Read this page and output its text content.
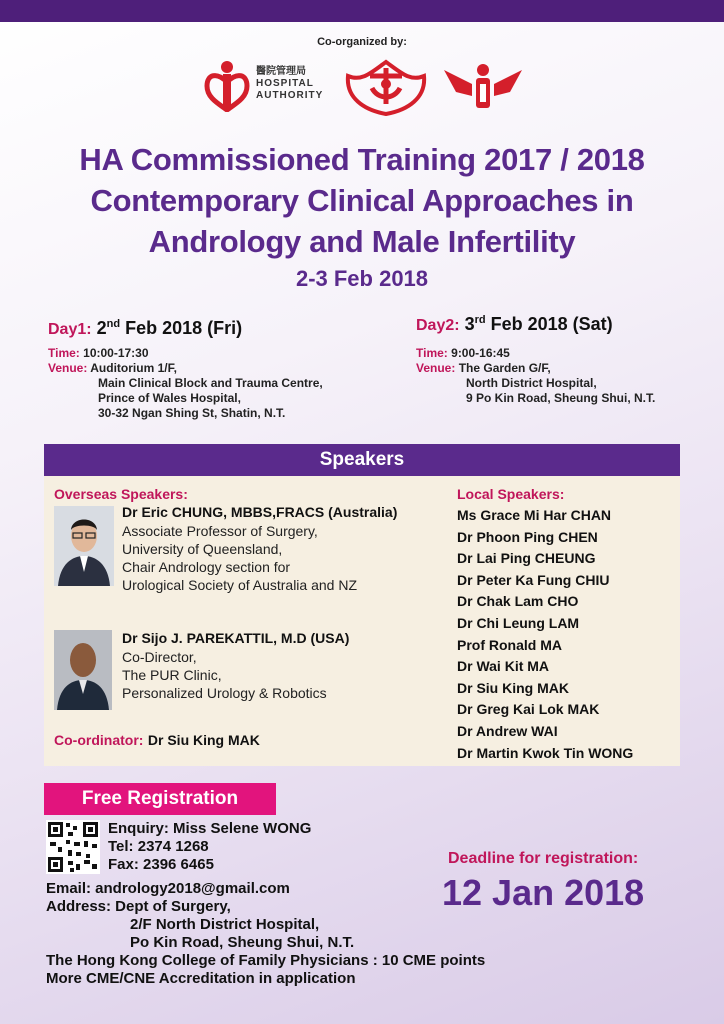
Co-organized by:
醫院管理局
HOSPITAL
AUTHORITY
HA Commissioned Training 2017 / 2018
Contemporary Clinical Approaches in
Andrology and Male Infertility
2-3 Feb 2018
Day1: 2nd Feb 2018 (Fri)
Time: 10:00-17:30
Venue: Auditorium 1/F,
Main Clinical Block and Trauma Centre,
Prince of Wales Hospital,
30-32 Ngan Shing St, Shatin, N.T.
Day2: 3rd Feb 2018 (Sat)
Time: 9:00-16:45
Venue: The Garden G/F,
North District Hospital,
9 Po Kin Road, Sheung Shui, N.T.
Speakers
Overseas Speakers:
Dr Eric CHUNG, MBBS,FRACS (Australia)
Associate Professor of Surgery,
University of Queensland,
Chair Andrology section for
Urological Society of Australia and NZ
Dr Sijo J. PAREKATTIL, M.D (USA)
Co-Director,
The PUR Clinic,
Personalized Urology & Robotics
Co-ordinator: Dr Siu King MAK
Local Speakers:
Ms Grace Mi Har CHAN
Dr Phoon Ping CHEN
Dr Lai Ping CHEUNG
Dr Peter Ka Fung CHIU
Dr Chak Lam CHO
Dr Chi Leung LAM
Prof Ronald MA
Dr Wai Kit MA
Dr Siu King MAK
Dr Greg Kai Lok MAK
Dr Andrew WAI
Dr Martin Kwok Tin WONG
Free Registration
Enquiry: Miss Selene WONG
Tel: 2374 1268
Fax: 2396 6465
Email: andrology2018@gmail.com
Address: Dept of Surgery,
2/F North District Hospital,
Po Kin Road, Sheung Shui, N.T.
The Hong Kong College of Family Physicians : 10 CME points
More CME/CNE Accreditation in application
Deadline for registration:
12 Jan 2018
